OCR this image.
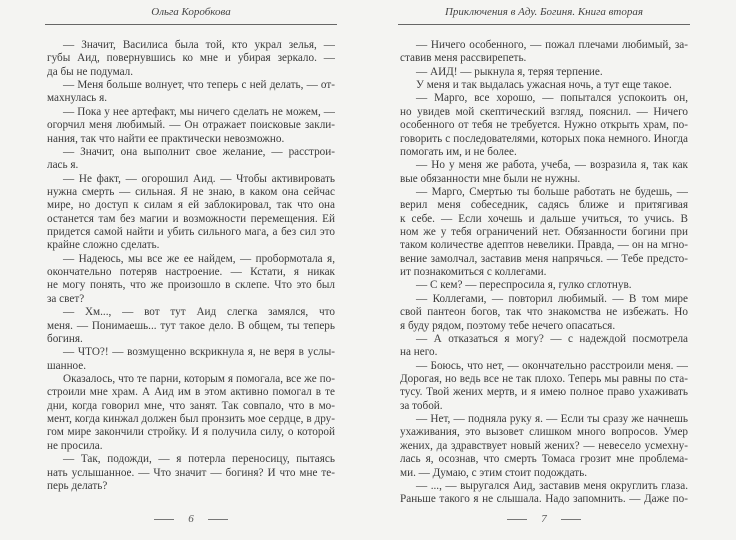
Ольга Коробкова
— Значит, Василиса была той, кто украл зелья, —
губы Аид, повернувшись ко мне и убирая зеркало. —
да бы не подумал.
— Меня больше волнует, что теперь с ней делать, — от-
махнулась я.
— Пока у нее артефакт, мы ничего сделать не можем, —
огорчил меня любимый. — Он отражает поисковые закли-
нания, так что найти ее практически невозможно.
— Значит, она выполнит свое желание, — расстрои-
лась я.
— Не факт, — огорошил Аид. — Чтобы активировать
нужна смерть — сильная. Я не знаю, в каком она сейчас
мире, но доступ к силам я ей заблокировал, так что она
останется там без магии и возможности перемещения. Ей
придется самой найти и убить сильного мага, а без сил это
крайне сложно сделать.
— Надеюсь, мы все же ее найдем, — пробормотала я,
окончательно потеряв настроение. — Кстати, я никак
не могу понять, что же произошло в склепе. Что это был
за свет?
— Хм..., — вот тут Аид слегка замялся, что
меня. — Понимаешь... тут такое дело. В общем, ты теперь
богиня.
— ЧТО?! — возмущенно вскрикнула я, не веря в услы-
шанное.
Оказалось, что те парни, которым я помогала, все же по-
строили мне храм. А Аид им в этом активно помогал в те
дни, когда говорил мне, что занят. Так совпало, что в мо-
мент, когда кинжал должен был пронзить мое сердце, в дру-
гом мире закончили стройку. И я получила силу, о которой
не просила.
— Так, подожди, — я потерла переносицу, пытаясь
нать услышанное. — Что значит — богиня? И что мне те-
перь делать?
6
Приключения в Аду. Богиня. Книга вторая
— Ничего особенного, — пожал плечами любимый, за-
ставив меня рассвирепеть.
— АИД! — рыкнула я, теряя терпение.
У меня и так выдалась ужасная ночь, а тут еще такое.
— Марго, все хорошо, — попытался успокоить он,
но увидев мой скептический взгляд, пояснил. — Ничего
особенного от тебя не требуется. Нужно открыть храм, по-
говорить с последователями, которых пока немного. Иногда
помогать им, и не более.
— Но у меня же работа, учеба, — возразила я, так как
вые обязанности мне были не нужны.
— Марго, Смертью ты больше работать не будешь, —
верил меня собеседник, садясь ближе и притягивая
к себе. — Если хочешь и дальше учиться, то учись. В
ном же у тебя ограничений нет. Обязанности богини при
таком количестве адептов невелики. Правда, — он на мгно-
вение замолчал, заставив меня напрячься. — Тебе предсто-
ит познакомиться с коллегами.
— С кем? — переспросила я, гулко сглотнув.
— Коллегами, — повторил любимый. — В том мире
свой пантеон богов, так что знакомства не избежать. Но
я буду рядом, поэтому тебе нечего опасаться.
— А отказаться я могу? — с надеждой посмотрела
на него.
— Боюсь, что нет, — окончательно расстроили меня. —
Дорогая, но ведь все не так плохо. Теперь мы равны по ста-
тусу. Твой жених мертв, и я имею полное право ухаживать
за тобой.
— Нет, — подняла руку я. — Если ты сразу же начнешь
ухаживания, это вызовет слишком много вопросов. Умер
жених, да здравствует новый жених? — невесело усмехну-
лась я, осознав, что смерть Томаса грозит мне проблема-
ми. — Думаю, с этим стоит подождать.
— ..., — выругался Аид, заставив меня округлить глаза.
Раньше такого я не слышала. Надо запомнить. — Даже по-
7
